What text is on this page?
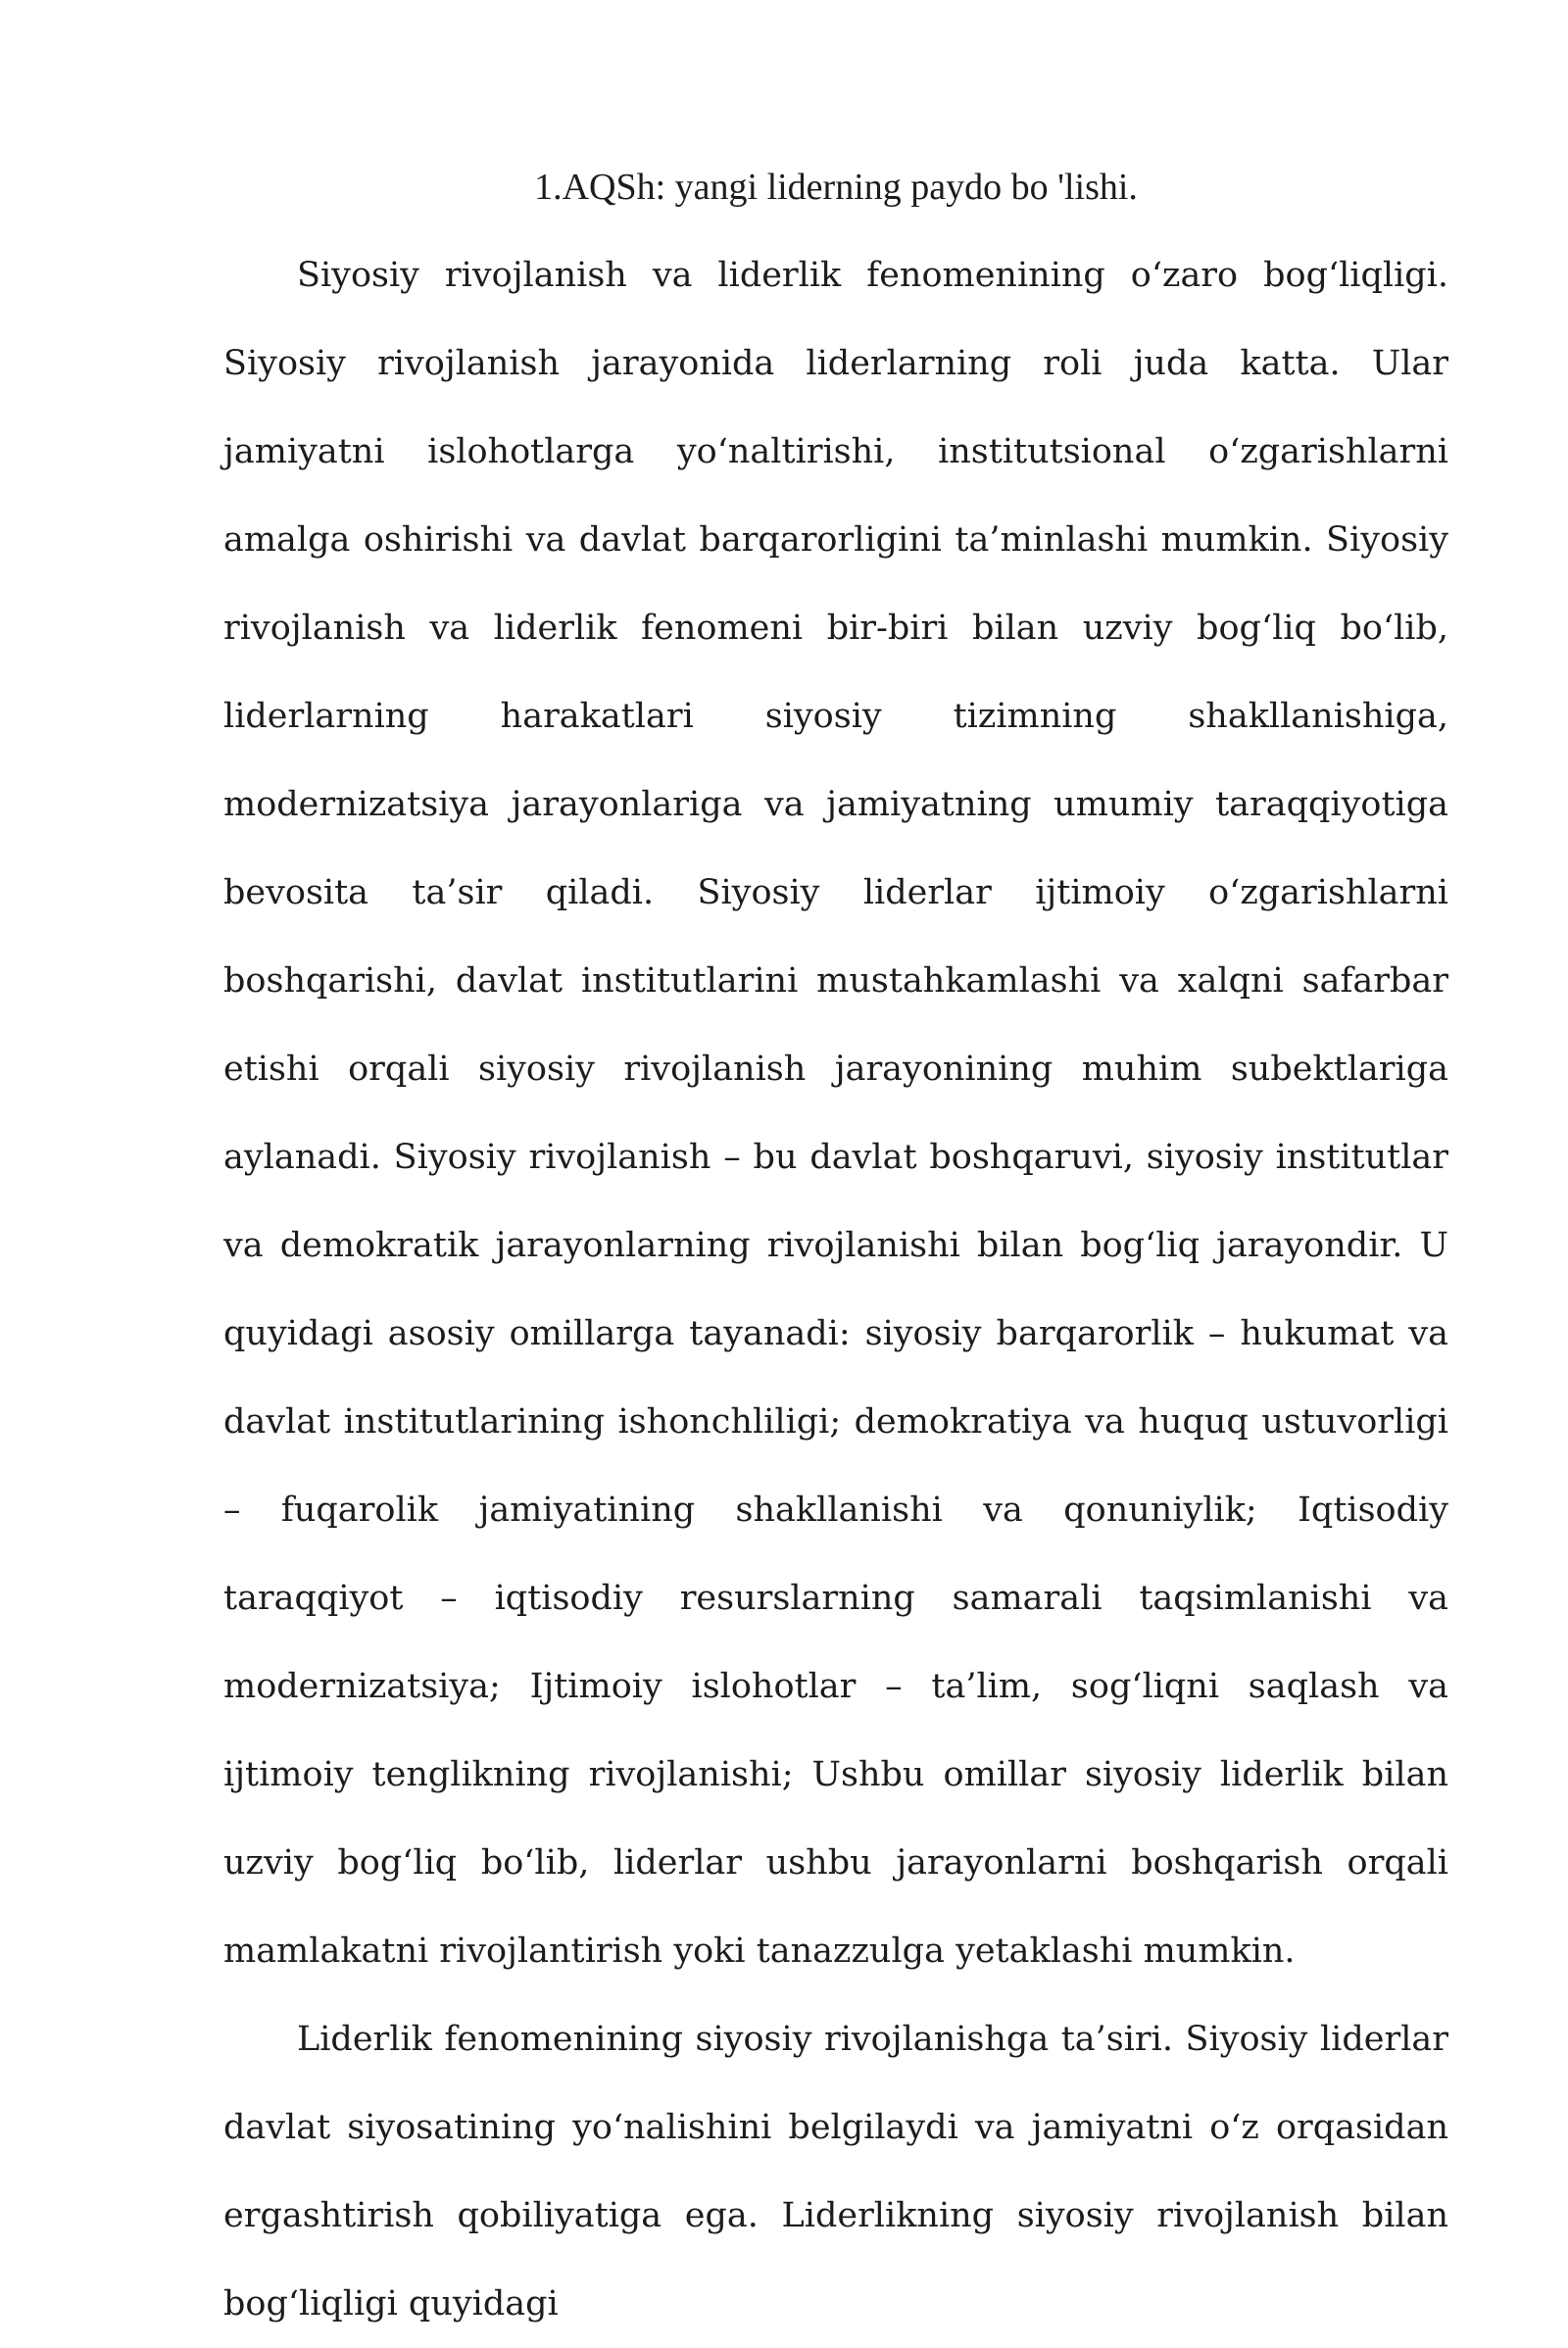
1.AQSh: yangi liderning paydo bo 'lishi.

Siyosiy rivojlanish va liderlik fenomenining o‘zaro bog‘liqligi. Siyosiy rivojlanish jarayonida liderlarning roli juda katta. Ular jamiyatni islohotlarga yo‘naltirishi, institutsional o‘zgarishlarni amalga oshirishi va davlat barqarorligini ta’minlashi mumkin. Siyosiy rivojlanish va liderlik fenomeni bir-biri bilan uzviy bog‘liq bo‘lib, liderlarning harakatlari siyosiy tizimning shakllanishiga, modernizatsiya jarayonlariga va jamiyatning umumiy taraqqiyotiga bevosita ta’sir qiladi. Siyosiy liderlar ijtimoiy o‘zgarishlarni boshqarishi, davlat institutlarini mustahkamlashi va xalqni safarbar etishi orqali siyosiy rivojlanish jarayonining muhim subektlariga aylanadi. Siyosiy rivojlanish – bu davlat boshqaruvi, siyosiy institutlar va demokratik jarayonlarning rivojlanishi bilan bog‘liq jarayondir. U quyidagi asosiy omillarga tayanadi: siyosiy barqarorlik – hukumat va davlat institutlarining ishonchliligi; demokratiya va huquq ustuvorligi – fuqarolik jamiyatining shakllanishi va qonuniylik; Iqtisodiy taraqqiyot – iqtisodiy resurslarning samarali taqsimlanishi va modernizatsiya; Ijtimoiy islohotlar – ta’lim, sog‘liqni saqlash va ijtimoiy tenglikning rivojlanishi; Ushbu omillar siyosiy liderlik bilan uzviy bog‘liq bo‘lib, liderlar ushbu jarayonlarni boshqarish orqali mamlakatni rivojlantirish yoki tanazzulga yetaklashi mumkin.

Liderlik fenomenining siyosiy rivojlanishga ta’siri. Siyosiy liderlar davlat siyosatining yo‘nalishini belgilaydi va jamiyatni o‘z orqasidan ergashtirish qobiliyatiga ega. Liderlikning siyosiy rivojlanish bilan bog‘liqligi quyidagi
